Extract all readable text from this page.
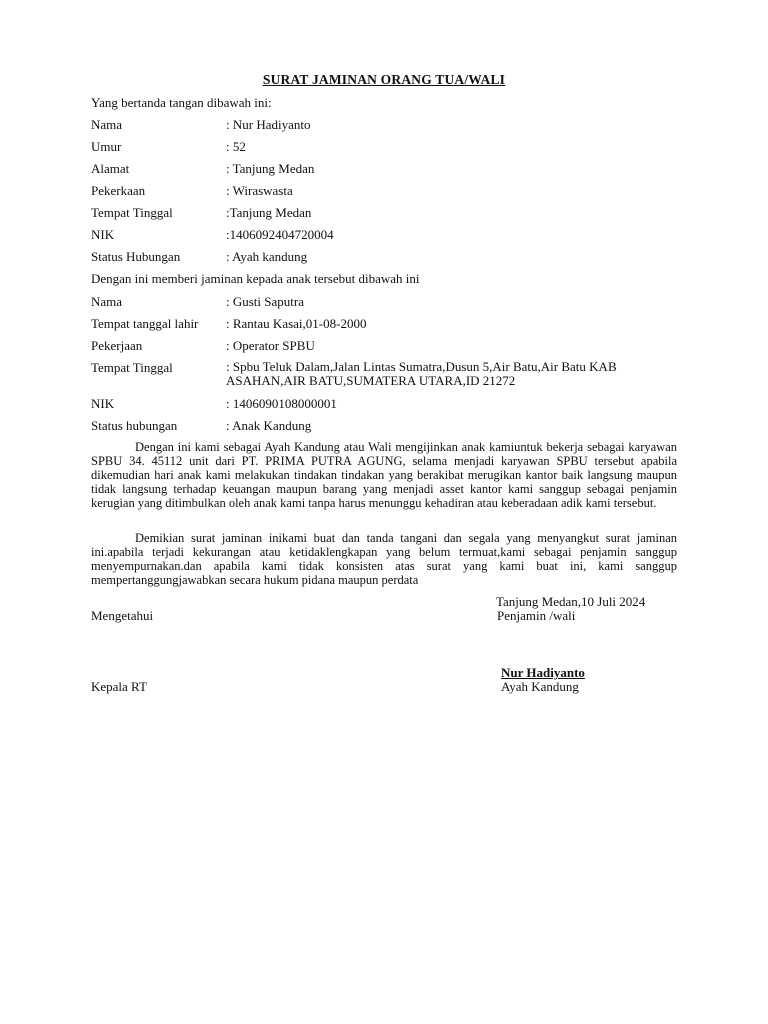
SURAT JAMINAN ORANG TUA/WALI
Yang bertanda tangan dibawah ini:
Nama	: Nur Hadiyanto
Umur	: 52
Alamat	: Tanjung Medan
Pekerkaan	: Wiraswasta
Tempat Tinggal	:Tanjung Medan
NIK	:1406092404720004
Status Hubungan	: Ayah kandung
Dengan ini memberi jaminan kepada anak tersebut dibawah ini
Nama	: Gusti Saputra
Tempat tanggal lahir : Rantau Kasai,01-08-2000
Pekerjaan	: Operator SPBU
Tempat Tinggal	: Spbu Teluk Dalam,Jalan Lintas Sumatra,Dusun 5,Air Batu,Air Batu KAB ASAHAN,AIR BATU,SUMATERA UTARA,ID 21272
NIK	: 1406090108000001
Status hubungan	: Anak Kandung

Dengan ini kami sebagai Ayah Kandung atau Wali mengijinkan anak kamiuntuk bekerja sebagai karyawan SPBU 34. 45112 unit dari PT. PRIMA PUTRA AGUNG, selama menjadi karyawan SPBU tersebut apabila dikemudian hari anak kami melakukan tindakan tindakan yang berakibat merugikan kantor baik langsung maupun tidak langsung terhadap keuangan maupun barang yang menjadi asset kantor kami sanggup sebagai penjamin kerugian yang ditimbulkan oleh anak kami tanpa harus menunggu kehadiran atau keberadaan adik kami tersebut.

Demikian surat jaminan inikami buat dan tanda tangani dan segala yang menyangkut surat jaminan ini.apabila terjadi kekurangan atau ketidaklengkapan yang belum termuat,kami sebagai penjamin sanggup menyempurnakan.dan apabila kami tidak konsisten atas surat yang kami buat ini, kami sanggup mempertanggungjawabkan secara hukum pidana maupun perdata

Tanjung Medan,10 Juli 2024
Mengetahui	Penjamin /wali
Nur Hadiyanto
Kepala RT	Ayah Kandung
